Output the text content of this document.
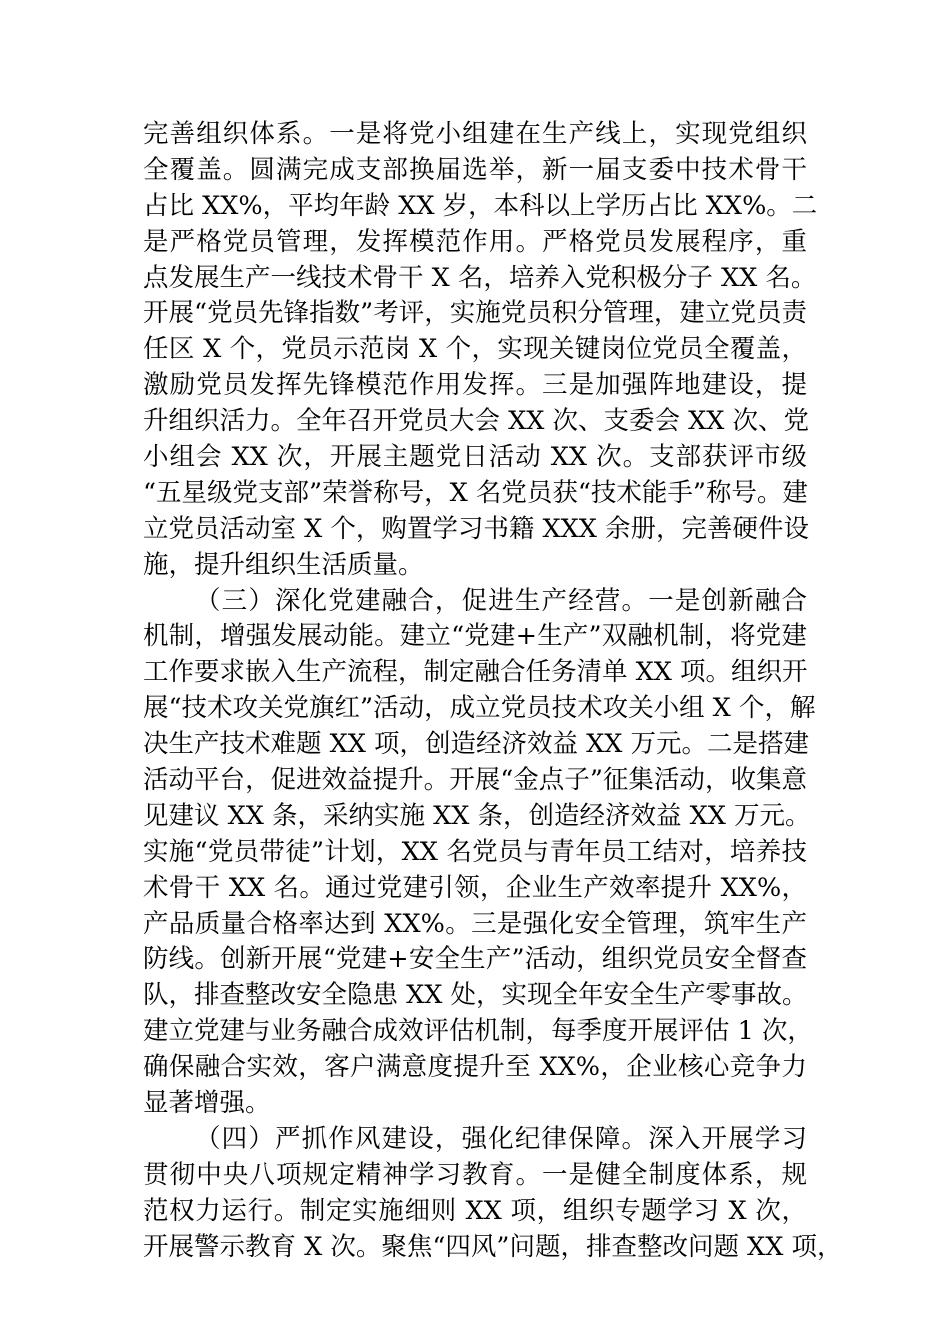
完善组织体系。一是将党小组建在生产线上，实现党组织
全覆盖。圆满完成支部换届选举，新一届支委中技术骨干
占比 XX%，平均年龄 XX 岁，本科以上学历占比 XX%。二
是严格党员管理，发挥模范作用。严格党员发展程序，重
点发展生产一线技术骨干 X 名，培养入党积极分子 XX 名。
开展“党员先锋指数”考评，实施党员积分管理，建立党员责
任区 X 个，党员示范岗 X 个，实现关键岗位党员全覆盖，
激励党员发挥先锋模范作用发挥。三是加强阵地建设，提
升组织活力。全年召开党员大会 XX 次、支委会 XX 次、党
小组会 XX 次，开展主题党日活动 XX 次。支部获评市级
“五星级党支部”荣誉称号，X 名党员获“技术能手”称号。建
立党员活动室 X 个，购置学习书籍 XXX 余册，完善硬件设
施，提升组织生活质量。
（三）深化党建融合，促进生产经营。一是创新融合
机制，增强发展动能。建立“党建+生产”双融机制，将党建
工作要求嵌入生产流程，制定融合任务清单 XX 项。组织开
展“技术攻关党旗红”活动，成立党员技术攻关小组 X 个，解
决生产技术难题 XX 项，创造经济效益 XX 万元。二是搭建
活动平台，促进效益提升。开展“金点子”征集活动，收集意
见建议 XX 条，采纳实施 XX 条，创造经济效益 XX 万元。
实施“党员带徒”计划，XX 名党员与青年员工结对，培养技
术骨干 XX 名。通过党建引领，企业生产效率提升 XX%，
产品质量合格率达到 XX%。三是强化安全管理，筑牢生产
防线。创新开展“党建+安全生产”活动，组织党员安全督查
队，排查整改安全隐患 XX 处，实现全年安全生产零事故。
建立党建与业务融合成效评估机制，每季度开展评估 1 次，
确保融合实效，客户满意度提升至 XX%，企业核心竞争力
显著增强。
（四）严抓作风建设，强化纪律保障。深入开展学习
贯彻中央八项规定精神学习教育。一是健全制度体系，规
范权力运行。制定实施细则 XX 项，组织专题学习 X 次，
开展警示教育 X 次。聚焦“四风”问题，排查整改问题 XX 项，
